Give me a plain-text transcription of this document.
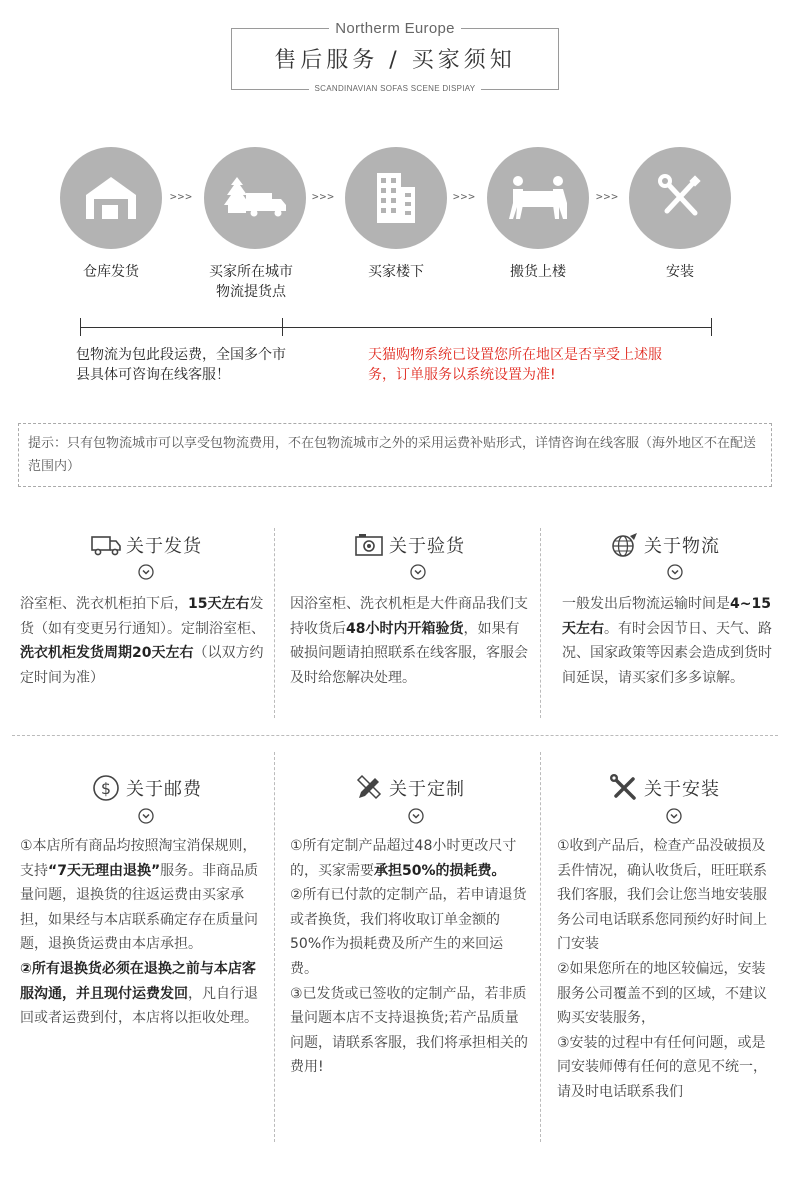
Northerm Europe
售后服务 / 买家须知
SCANDINAVIAN SOFAS SCENE DISPIAY
>>>	>>>	>>>	>>>
仓库发货	买家所在城市
物流提货点
买家楼下	搬货上楼	安装
包物流为包此段运费，全国多个市县具体可咨询在线客服！
天猫购物系统已设置您所在地区是否享受上述服务，订单服务以系统设置为准!
提示：只有包物流城市可以享受包物流费用，不在包物流城市之外的采用运费补贴形式，详情咨询在线客服（海外地区不在配送范围内）
关于发货

浴室柜、洗衣机柜拍下后，15天左右发货（如有变更另行通知）。定制浴室柜、洗衣机柜发货周期20天左右（以双方约定时间为准）

关于验货

因浴室柜、洗衣机柜是大件商品我们支持收货后48小时内开箱验货，如果有破损问题请拍照联系在线客服，客服会及时给您解决处理。

关于物流

一般发出后物流运输时间是4~15天左右。有时会因节日、天气、路况、国家政策等因素会造成到货时间延误，请买家们多多谅解。

$ 关于邮费

①本店所有商品均按照淘宝消保规则，支持“7天无理由退换”服务。非商品质量问题，退换货的往返运费由买家承担，如果经与本店联系确定存在质量问题，退换货运费由本店承担。

②所有退换货必须在退换之前与本店客服沟通，并且现付运费发回，凡自行退回或者运费到付，本店将以拒收处理。

关于定制

①所有定制产品超过48小时更改尺寸的，买家需要承担50%的损耗费。

②所有已付款的定制产品，若申请退货或者换货，我们将收取订单金额的50%作为损耗费及所产生的来回运费。

③已发货或已签收的定制产品，若非质量问题本店不支持退换货;若产品质量问题，请联系客服，我们将承担相关的费用!

关于安装

①收到产品后，检查产品没破损及丢件情况，确认收货后，旺旺联系我们客服，我们会让您当地安装服务公司电话联系您同预约好时间上门安装

②如果您所在的地区较偏远，安装服务公司覆盖不到的区域，不建议购买安装服务，

③安装的过程中有任何问题，或是同安装师傅有任何的意见不统一，请及时电话联系我们
